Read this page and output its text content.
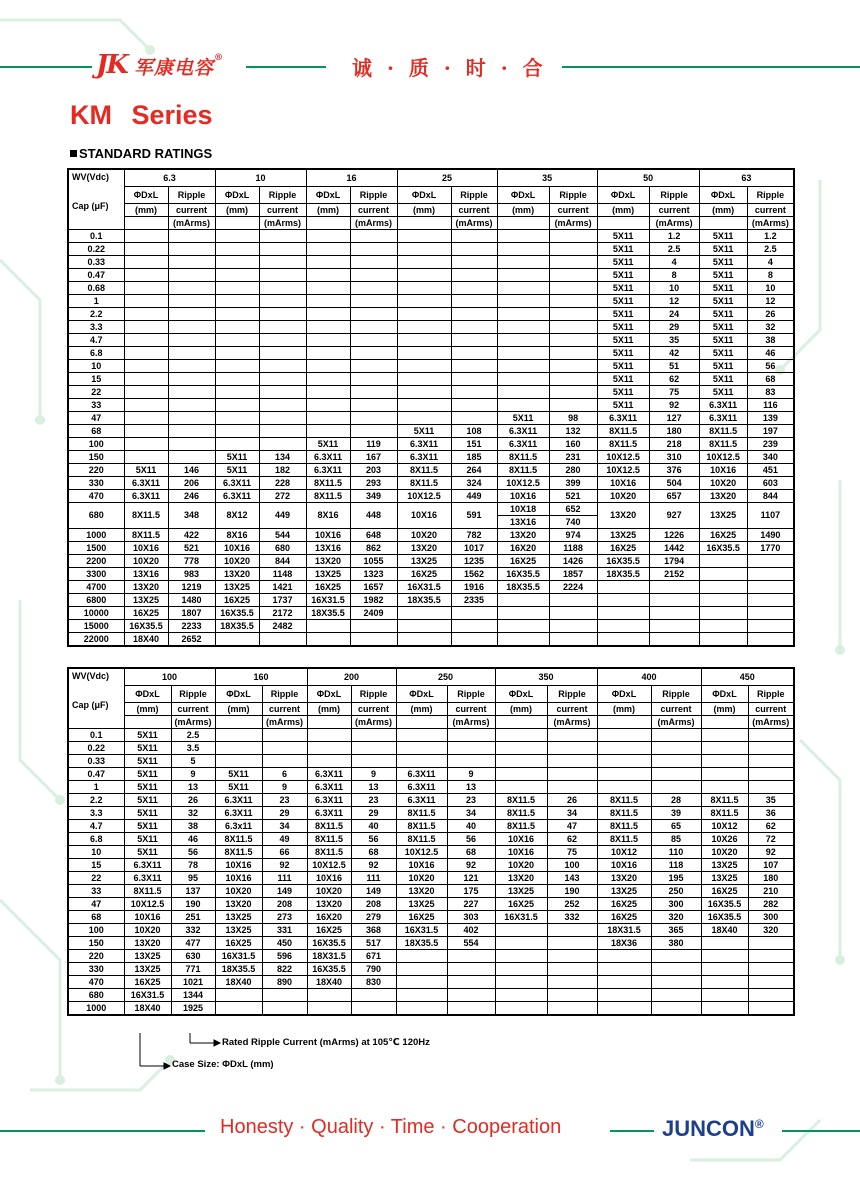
JK 军康电容®	诚 · 质 · 时 · 合
KM Series
STANDARD RATINGS
WV(Vdc)
Cap (μF)	6.3		10		16		25		35		50		63	
	ΦDxL	Ripple	ΦDxL	Ripple	ΦDxL	Ripple	ΦDxL	Ripple	ΦDxL	Ripple	ΦDxL	Ripple	ΦDxL	Ripple
	(mm)	current	(mm)	current	(mm)	current	(mm)	current	(mm)	current	(mm)	current	(mm)	current
		(mArms)		(mArms)		(mArms)		(mArms)		(mArms)		(mArms)		(mArms)
0.1											5X11	1.2	5X11	1.2
0.22											5X11	2.5	5X11	2.5
0.33											5X11	4	5X11	4
0.47											5X11	8	5X11	8
0.68											5X11	10	5X11	10
1											5X11	12	5X11	12
2.2											5X11	24	5X11	26
3.3											5X11	29	5X11	32
4.7											5X11	35	5X11	38
6.8											5X11	42	5X11	46
10											5X11	51	5X11	56
15											5X11	62	5X11	68
22											5X11	75	5X11	83
33											5X11	92	6.3X11	116
47									5X11	98	6.3X11	127	6.3X11	139
68							5X11	108	6.3X11	132	8X11.5	180	8X11.5	197
100					5X11	119	6.3X11	151	6.3X11	160	8X11.5	218	8X11.5	239
150			5X11	134	6.3X11	167	6.3X11	185	8X11.5	231	10X12.5	310	10X12.5	340
220	5X11	146	5X11	182	6.3X11	203	8X11.5	264	8X11.5	280	10X12.5	376	10X16	451
330	6.3X11	206	6.3X11	228	8X11.5	293	8X11.5	324	10X12.5	399	10X16	504	10X20	603
470	6.3X11	246	6.3X11	272	8X11.5	349	10X12.5	449	10X16	521	10X20	657	13X20	844
680	8X11.5	348	8X12	449	8X16	448	10X16	591	10X18	652	13X20	927	13X25	1107
									13X16	740				
1000	8X11.5	422	8X16	544	10X16	648	10X20	782	13X20	974	13X25	1226	16X25	1490
1500	10X16	521	10X16	680	13X16	862	13X20	1017	16X20	1188	16X25	1442	16X35.5	1770
2200	10X20	778	10X20	844	13X20	1055	13X25	1235	16X25	1426	16X35.5	1794		
3300	13X16	983	13X20	1148	13X25	1323	16X25	1562	16X35.5	1857	18X35.5	2152		
4700	13X20	1219	13X25	1421	16X25	1657	16X31.5	1916	18X35.5	2224				
6800	13X25	1480	16X25	1737	16X31.5	1982	18X35.5	2335						
10000	16X25	1807	16X35.5	2172	18X35.5	2409								
15000	16X35.5	2233	18X35.5	2482										
22000	18X40	2652												
WV(Vdc)
Cap (μF)	100		160		200		250		350		400		450	
	ΦDxL	Ripple	ΦDxL	Ripple	ΦDxL	Ripple	ΦDxL	Ripple	ΦDxL	Ripple	ΦDxL	Ripple	ΦDxL	Ripple
	(mm)	current	(mm)	current	(mm)	current	(mm)	current	(mm)	current	(mm)	current	(mm)	current
		(mArms)		(mArms)		(mArms)		(mArms)		(mArms)		(mArms)		(mArms)
0.1	5X11	2.5												
0.22	5X11	3.5												
0.33	5X11	5												
0.47	5X11	9	5X11	6	6.3X11	9	6.3X11	9						
1	5X11	13	5X11	9	6.3X11	13	6.3X11	13						
2.2	5X11	26	6.3X11	23	6.3X11	23	6.3X11	23	8X11.5	26	8X11.5	28	8X11.5	35
3.3	5X11	32	6.3X11	29	6.3X11	29	8X11.5	34	8X11.5	34	8X11.5	39	8X11.5	36
4.7	5X11	38	6.3x11	34	8X11.5	40	8X11.5	40	8X11.5	47	8X11.5	65	10X12	62
6.8	5X11	46	8X11.5	49	8X11.5	56	8X11.5	56	10X16	62	8X11.5	85	10X26	72
10	5X11	56	8X11.5	66	8X11.5	68	10X12.5	68	10X16	75	10X12	110	10X20	92
15	6.3X11	78	10X16	92	10X12.5	92	10X16	92	10X20	100	10X16	118	13X25	107
22	6.3X11	95	10X16	111	10X16	111	10X20	121	13X20	143	13X20	195	13X25	180
33	8X11.5	137	10X20	149	10X20	149	13X20	175	13X25	190	13X25	250	16X25	210
47	10X12.5	190	13X20	208	13X20	208	13X25	227	16X25	252	16X25	300	16X35.5	282
68	10X16	251	13X25	273	16X20	279	16X25	303	16X31.5	332	16X25	320	16X35.5	300
100	10X20	332	13X25	331	16X25	368	16X31.5	402			18X31.5	365	18X40	320
150	13X20	477	16X25	450	16X35.5	517	18X35.5	554			18X36	380		
220	13X25	630	16X31.5	596	18X31.5	671								
330	13X25	771	18X35.5	822	16X35.5	790								
470	16X25	1021	18X40	890	18X40	830								
680	16X31.5	1344												
1000	18X40	1925												
Rated Ripple Current (mArms) at 105℃ 120Hz
Case Size: ΦDxL (mm)
Honesty · Quality · Time · Cooperation	JUNCON®
